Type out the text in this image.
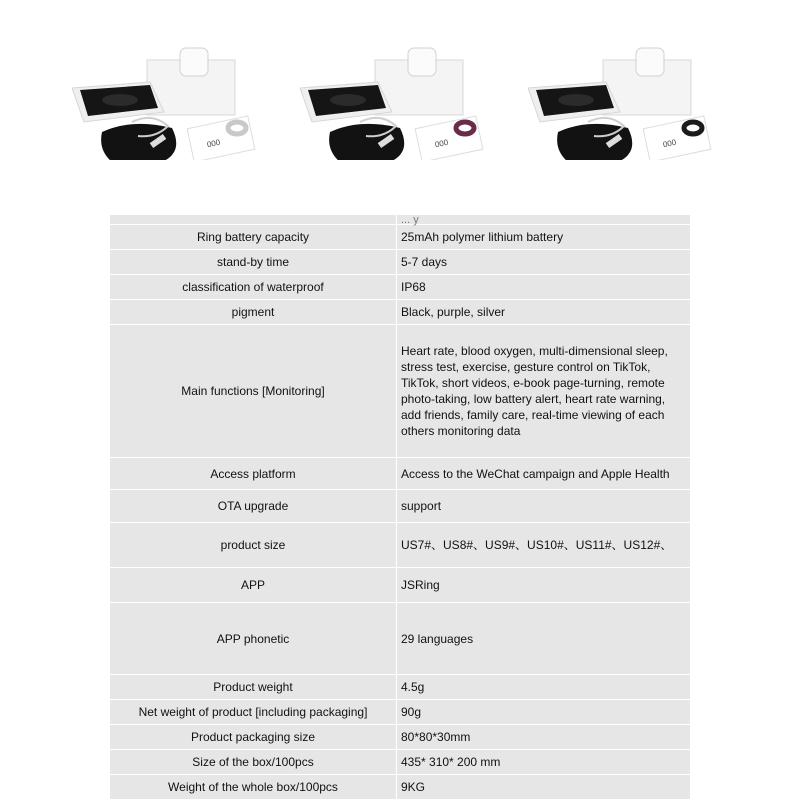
000	000	000
	... y
Ring battery capacity	25mAh polymer lithium battery
stand-by time	5-7 days
classification of waterproof	IP68
pigment	Black, purple, silver
Main functions [Monitoring]	Heart rate, blood oxygen, multi-dimensional sleep, stress test, exercise, gesture control on TikTok, TikTok, short videos, e-book page-turning, remote photo-taking, low battery alert, heart rate warning, add friends, family care, real-time viewing of each others monitoring data
Access platform	Access to the WeChat campaign and Apple Health
OTA upgrade	support
product size	US7#、US8#、US9#、US10#、US11#、US12#、
APP	JSRing
APP phonetic	29 languages
Product weight	4.5g
Net weight of product [including packaging]	90g
Product packaging size	80*80*30mm
Size of the box/100pcs	435* 310* 200 mm
Weight of the whole box/100pcs	9KG
